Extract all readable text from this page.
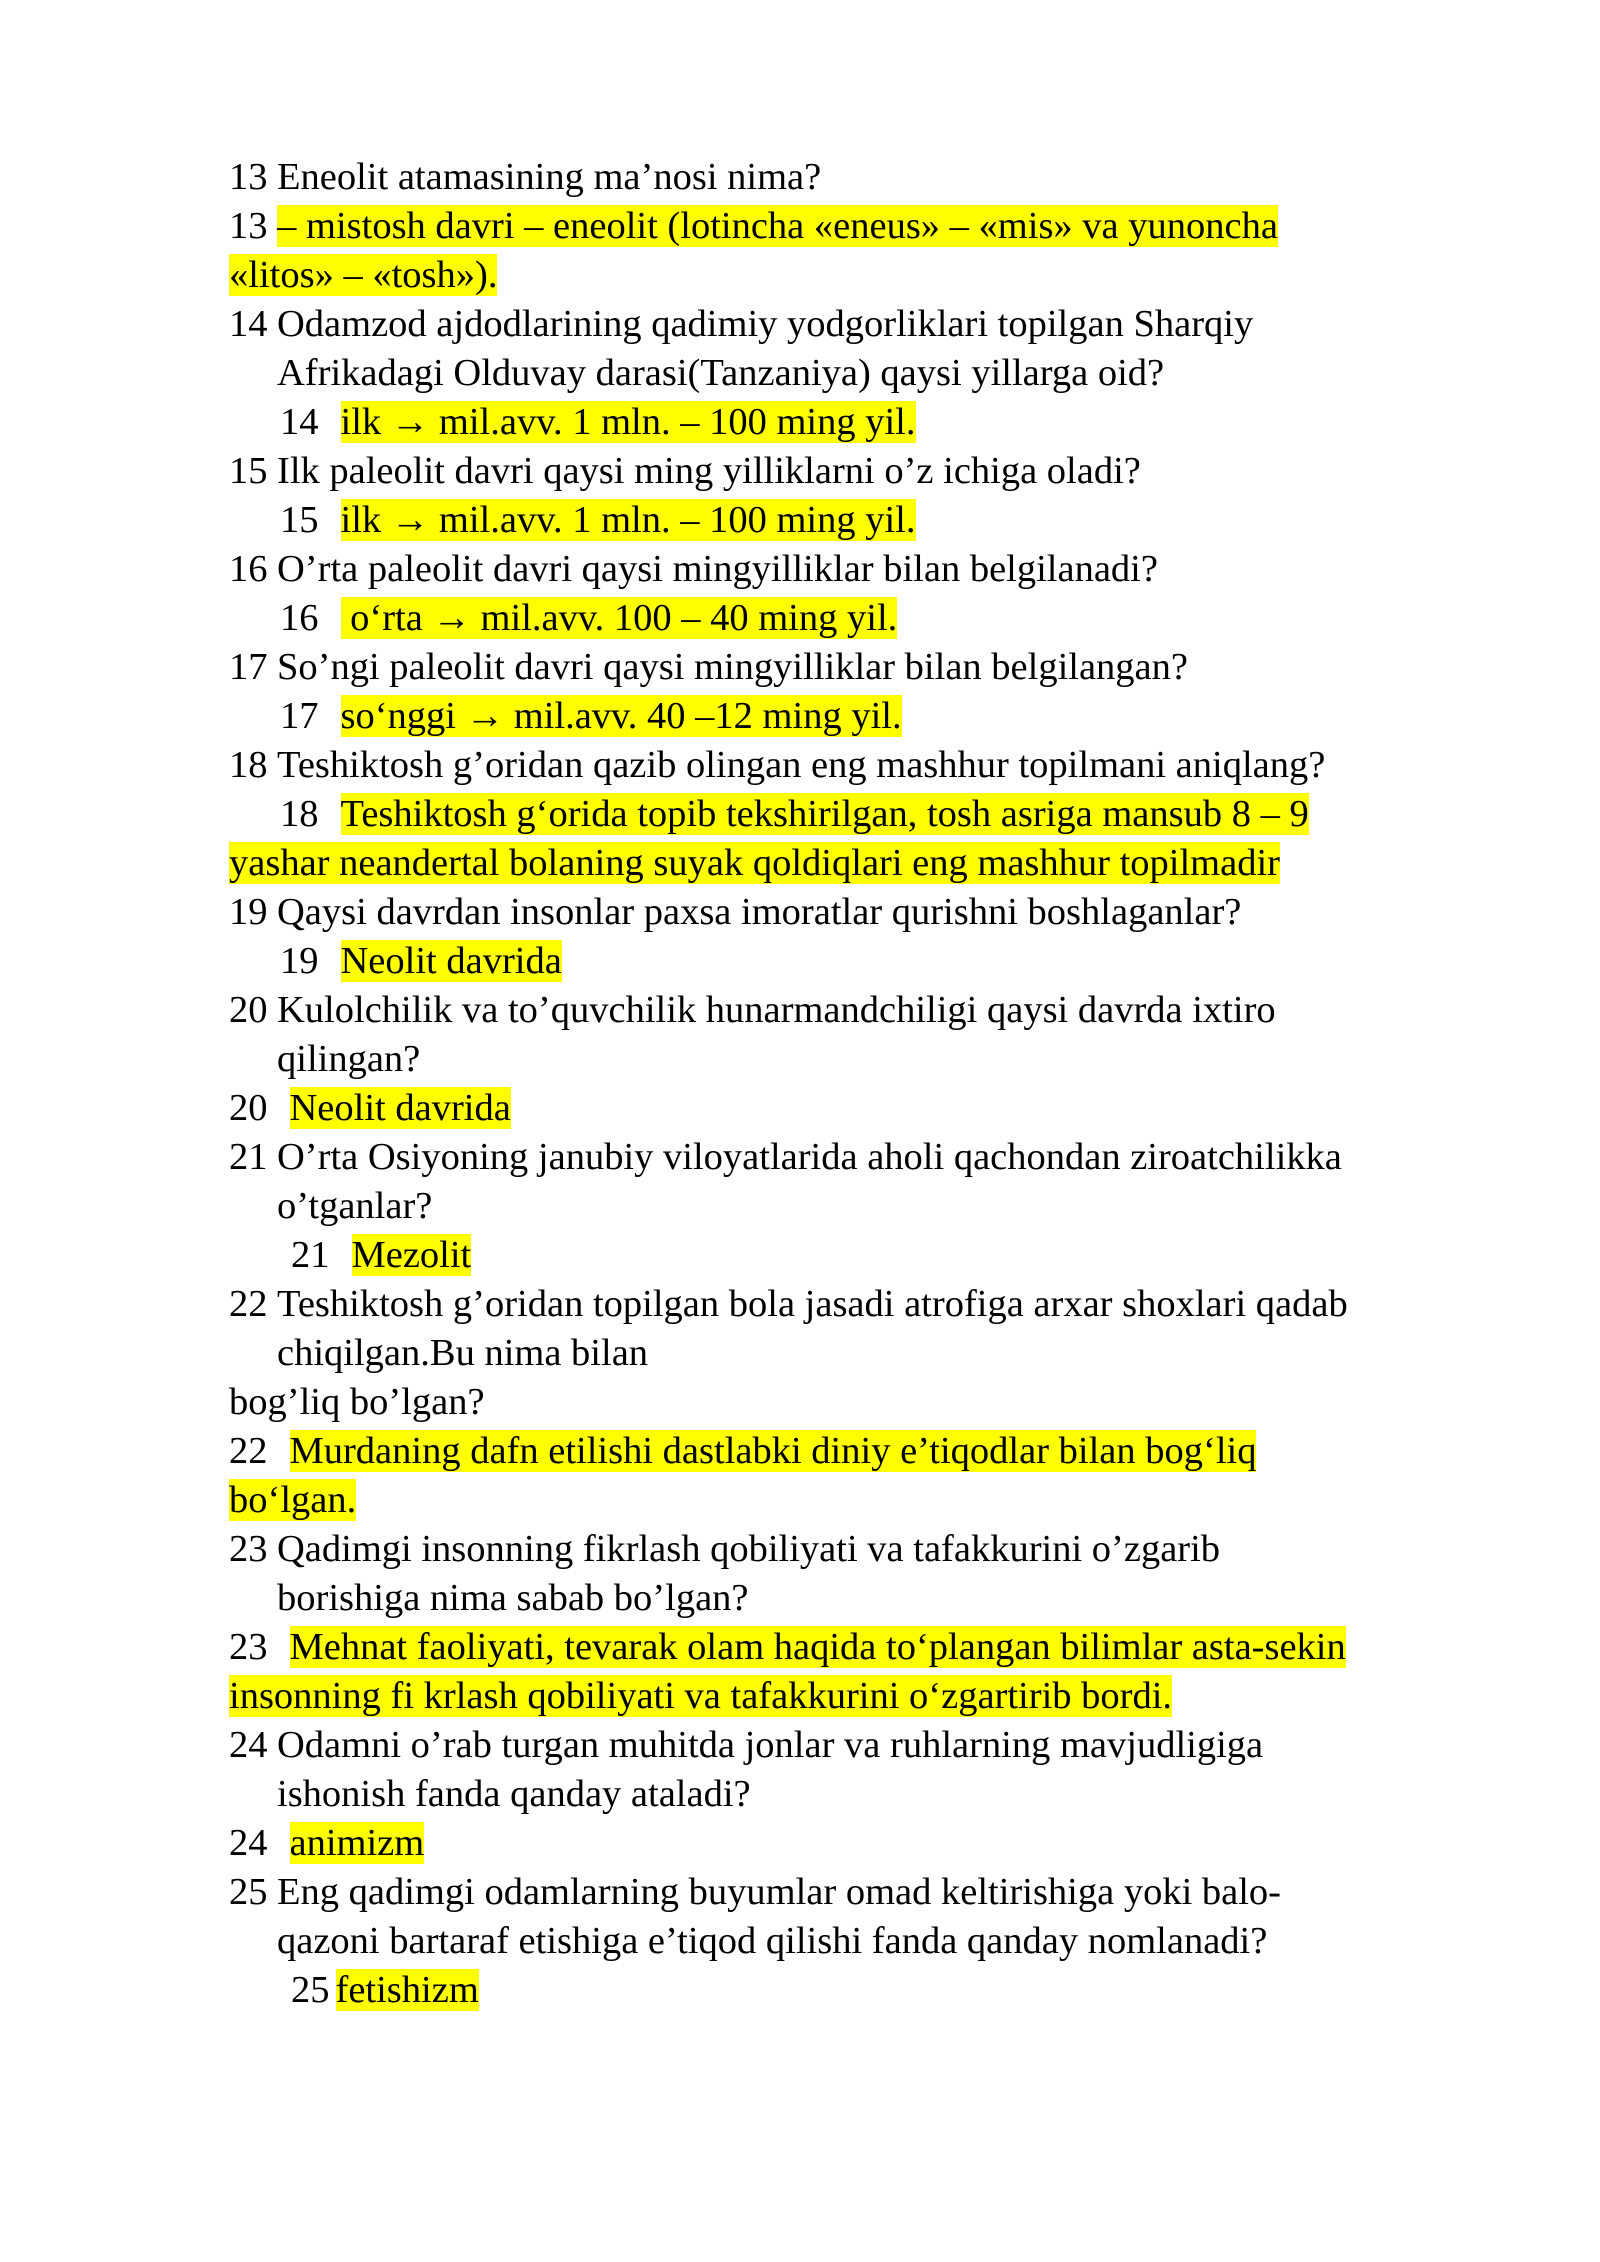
13 Eneolit atamasining ma’nosi nima?
13 – mistosh davri – eneolit (lotincha «eneus» – «mis» va yunoncha
«litos» – «tosh»).
14 Odamzod ajdodlarining qadimiy yodgorliklari topilgan Sharqiy
Afrikadagi Olduvay darasi(Tanzaniya) qaysi yillarga oid?
14 ilk → mil.avv. 1 mln. – 100 ming yil.
15 Ilk paleolit davri qaysi ming yilliklarni o’z ichiga oladi?
15 ilk → mil.avv. 1 mln. – 100 ming yil.
16 O’rta paleolit davri qaysi mingyilliklar bilan belgilanadi?
16 o‘rta → mil.avv. 100 – 40 ming yil.
17 So’ngi paleolit davri qaysi mingyilliklar bilan belgilangan?
17 so‘nggi → mil.avv. 40 –12 ming yil.
18 Teshiktosh g’oridan qazib olingan eng mashhur topilmani aniqlang?
18 Teshiktosh g‘orida topib tekshirilgan, tosh asriga mansub 8 – 9
yashar neandertal bolaning suyak qoldiqlari eng mashhur topilmadir
19 Qaysi davrdan insonlar paxsa imoratlar qurishni boshlaganlar?
19 Neolit davrida
20 Kulolchilik va to’quvchilik hunarmandchiligi qaysi davrda ixtiro
qilingan?
20 Neolit davrida
21 O’rta Osiyoning janubiy viloyatlarida aholi qachondan ziroatchilikka
o’tganlar?
21 Mezolit
22 Teshiktosh g’oridan topilgan bola jasadi atrofiga arxar shoxlari qadab
chiqilgan.Bu nima bilan
bog’liq bo’lgan?
22 Murdaning dafn etilishi dastlabki diniy e’tiqodlar bilan bog‘liq
bo‘lgan.
23 Qadimgi insonning fikrlash qobiliyati va tafakkurini o’zgarib
borishiga nima sabab bo’lgan?
23 Mehnat faoliyati, tevarak olam haqida to‘plangan bilimlar asta-sekin
insonning fi krlash qobiliyati va tafakkurini o‘zgartirib bordi.
24 Odamni o’rab turgan muhitda jonlar va ruhlarning mavjudligiga
ishonish fanda qanday ataladi?
24 animizm
25 Eng qadimgi odamlarning buyumlar omad keltirishiga yoki balo-
qazoni bartaraf etishiga e’tiqod qilishi fanda qanday nomlanadi?
25 fetishizm
